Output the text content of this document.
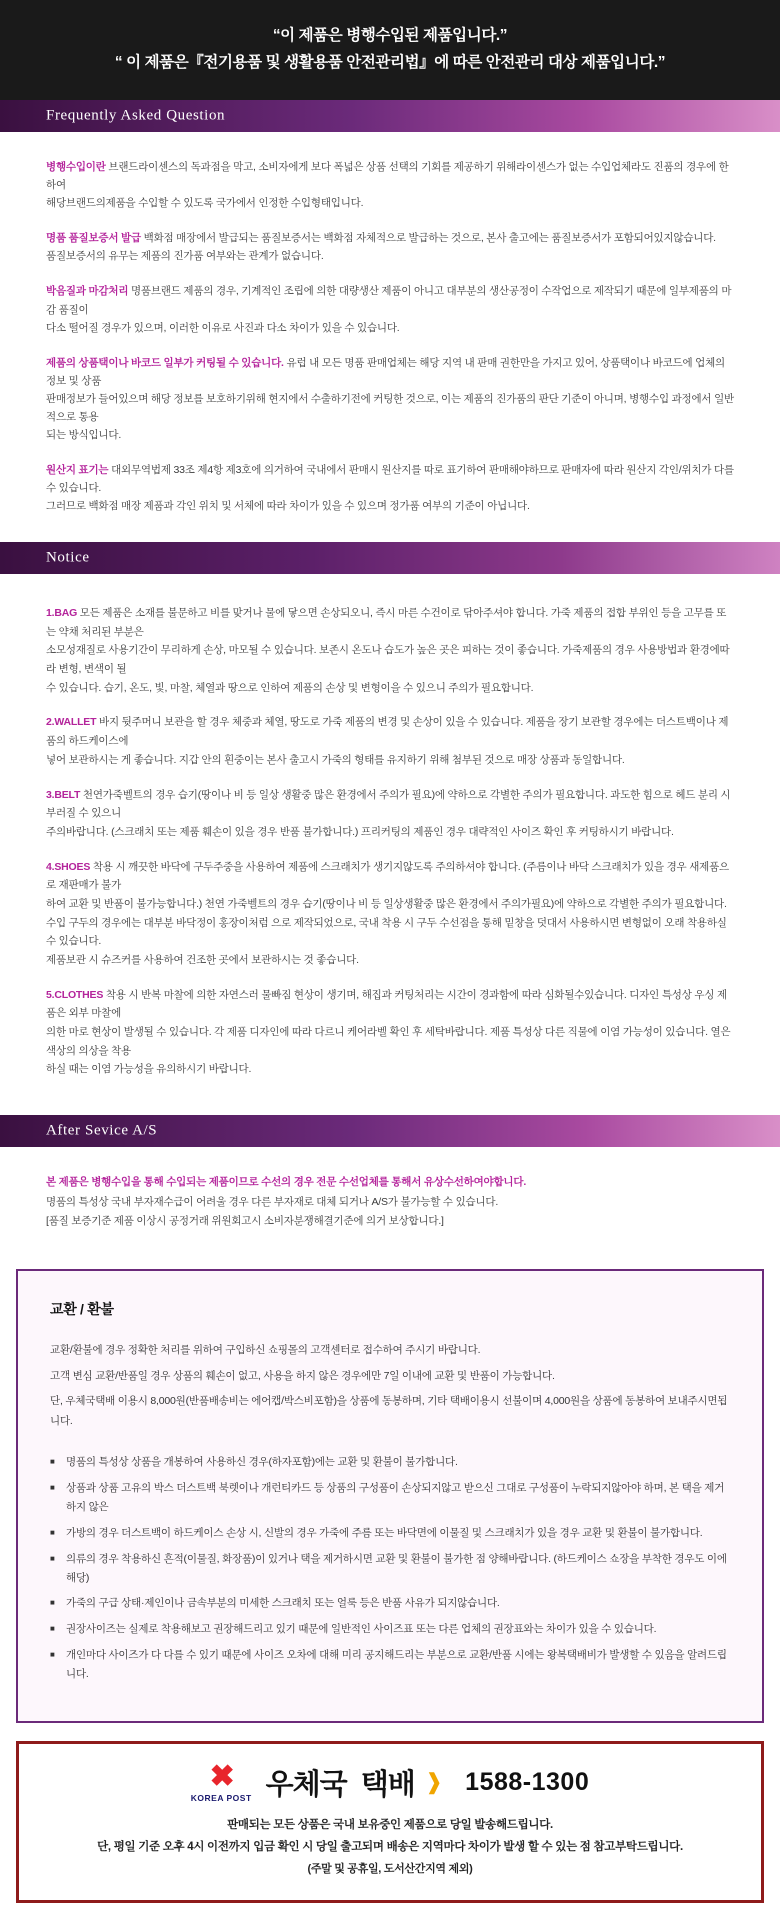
“이 제품은 병행수입된 제품입니다.”
“ 이 제품은『전기용품 및 생활용품 안전관리법』에 따른 안전관리 대상 제품입니다.”
Frequently Asked Question
병행수입이란 브랜드라이센스의 독과점을 막고, 소비자에게 보다 폭넓은 상품 선택의 기회를 제공하기 위해라이센스가 없는 수입업체라도 진품의 경우에 한하여
해당브랜드의제품을 수입할 수 있도록 국가에서 인정한 수입형태입니다.
명품 품질보증서 발급 백화점 매장에서 발급되는 품질보증서는 백화점 자체적으로 발급하는 것으로, 본사 출고에는 품질보증서가 포함되어있지않습니다.
품질보증서의 유무는 제품의 진가품 여부와는 관계가 없습니다.
박음질과 마감처리 명품브랜드 제품의 경우, 기계적인 조립에 의한 대량생산 제품이 아니고 대부분의 생산공정이 수작업으로 제작되기 때문에 일부제품의 마감 품질이
다소 떨어질 경우가 있으며, 이러한 이유로 사진과 다소 차이가 있을 수 있습니다.
제품의 상품택이나 바코드 일부가 커팅될 수 있습니다. 유럽 내 모든 명품 판매업체는 해당 지역 내 판매 권한만을 가지고 있어, 상품택이나 바코드에 업체의 정보 및 상품
판매정보가 들어있으며 해당 정보를 보호하기위해 현지에서 수출하기전에 커팅한 것으로, 이는 제품의 진가품의 판단 기준이 아니며, 병행수입 과정에서 일반적으로 통용
되는 방식입니다.
원산지 표기는 대외무역법제 33조 제4항 제3호에 의거하여 국내에서 판매시 원산지를 따로 표기하여 판매해야하므로 판매자에 따라 원산지 각인/위치가 다를 수 있습니다.
그러므로 백화점 매장 제품과 각인 위치 및 서체에 따라 차이가 있을 수 있으며 정가품 여부의 기준이 아닙니다.
Notice
1.BAG 모든 제품은 소재를 불문하고 비를 맞거나 물에 닿으면 손상되오니, 즉시 마른 수건이로 닦아주셔야 합니다. 가죽 제품의 접합 부위인 등을 고무를 또는 약채 처리된 부분은
소모성재질로 사용기간이 무리하게 손상, 마모될 수 있습니다. 보존시 온도나 습도가 높은 곳은 피하는 것이 좋습니다. 가죽제품의 경우 사용방법과 환경에따라 변형, 변색이 될
수 있습니다. 습기, 온도, 빛, 마찰, 체열과 땅으로 인하여 제품의 손상 및 변형이을 수 있으니 주의가 필요합니다.
2.WALLET 바지 뒷주머니 보관을 할 경우 체중과 체열, 땅도로 가죽 제품의 변경 및 손상이 있을 수 있습니다. 제품을 장기 보관할 경우에는 더스트백이나 제품의 하드케이스에
넣어 보관하시는 게 좋습니다. 지갑 안의 흰중이는 본사 출고시 가죽의 형태를 유지하기 위해 첨부된 것으로 매장 상품과 동일합니다.
3.BELT 천연가죽벨트의 경우 습기(땅이나 비 등 일상 생활중 많은 환경에서 주의가 필요)에 약하으로 각별한 주의가 필요합니다. 과도한 힘으로 헤드 분리 시 부러질 수 있으니
주의바랍니다. (스크래치 또는 제품 훼손이 있을 경우 반품 불가합니다.) 프리커팅의 제품인 경우 대략적인 사이즈 확인 후 커팅하시기 바랍니다.
4.SHOES 착용 시 깨끗한 바닥에 구두주중을 사용하여 제품에 스크래치가 생기지않도록 주의하셔야 합니다. (주름이나 바닥 스크래치가 있을 경우 새제품으로 재판매가 불가
하여 교환 및 반품이 불가능합니다.) 천연 가죽벨트의 경우 습기(땅이나 비 등 일상생활중 많은 환경에서 주의가필요)에 약하으로 각별한 주의가 필요합니다.
수입 구두의 경우에는 대부분 바닥정이 홍장이처럼 으로 제작되었으로, 국내 착용 시 구두 수선점을 통해 밑창을 덧대서 사용하시면 변형없이 오래 착용하실 수 있습니다.
제품보관 시 슈즈커를 사용하여 건조한 곳에서 보관하시는 것 좋습니다.
5.CLOTHES 착용 시 반복 마찰에 의한 자연스러 물빠짐 현상이 생기며, 해집과 커팅처리는 시간이 경과함에 따라 심화될수있습니다. 디자인 특성상 우싱 제품은 외부 마찰에
의한 마로 현상이 발생될 수 있습니다. 각 제품 디자인에 따라 다르니 케어라벨 확인 후 세탁바랍니다. 제품 특성상 다른 직물에 이염 가능성이 있습니다. 열은 색상의 의상을 착용
하실 때는 이염 가능성을 유의하시기 바랍니다.
After Sevice A/S
본 제품은 병행수입을 통해 수입되는 제품이므로 수선의 경우 전문 수선업체를 통해서 유상수선하여야합니다.
명품의 특성상 국내 부자재수급이 어려울 경우 다른 부자재로 대체 되거나 A/S가 불가능할 수 있습니다.
[품질 보증기준 제품 이상시 공정거래 위원회고시 소비자분쟁해결기준에 의거 보상합니다.]
교환 / 환불

교환/환불에 경우 정확한 처리를 위하여 구입하신 쇼핑몰의 고객센터로 접수하여 주시기 바랍니다.

고객 변심 교환/반품일 경우 상품의 훼손이 없고, 사용을 하지 않은 경우에만 7일 이내에 교환 및 반품이 가능합니다.

단, 우체국택배 이용시 8,000원(반품배송비는 에어캡/박스비포함)을 상품에 동봉하며, 기타 택배이용시 선불이며 4,000원을 상품에 동봉하여 보내주시면됩니다.

■ 명품의 특성상 상품을 개봉하여 사용하신 경우(하자포함)에는 교환 및 환불이 불가합니다.
■ 상품과 상품 고유의 박스 더스트백 북렛이나 개런티카드 등 상품의 구성품이 손상되지않고 받으신 그대로 구성품이 누락되지않아야 하며, 본 택을 제거하지 않은
■ 가방의 경우 더스트백이 하드케이스 손상 시, 신발의 경우 가죽에 주름 또는 바닥면에 이물질 및 스크래치가 있을 경우 교환 및 환불이 불가합니다.
■ 의류의 경우 착용하신 흔적(이물질, 화장품)이 있거나 택을 제거하시면 교환 및 환불이 불가한 점 양해바랍니다. (하드케이스 쇼장을 부착한 경우도 이에 해당)
■ 가죽의 구급 상태·제인이나 금속부분의 미세한 스크래치 또는 얼룩 등은 반품 사유가 되지않습니다.
■ 권장사이즈는 실제로 착용해보고 권장해드리고 있기 때문에 일반적인 사이즈표 또는 다른 업체의 권장표와는 차이가 있을 수 있습니다.
■ 개인마다 사이즈가 다 다를 수 있기 때문에 사이즈 오차에 대해 미리 공지해드리는 부분으로 교환/반품 시에는 왕복택배비가 발생할 수 있음을 알려드립니다.
✖
KOREA POST 우체국 택배 ❱ 1588-1300
판매되는 모든 상품은 국내 보유중인 제품으로 당일 발송해드립니다.
단, 평일 기준 오후 4시 이전까지 입금 확인 시 당일 출고되며 배송은 지역마다 차이가 발생 할 수 있는 점 참고부탁드립니다.
(주말 및 공휴일, 도서산간지역 제외)
